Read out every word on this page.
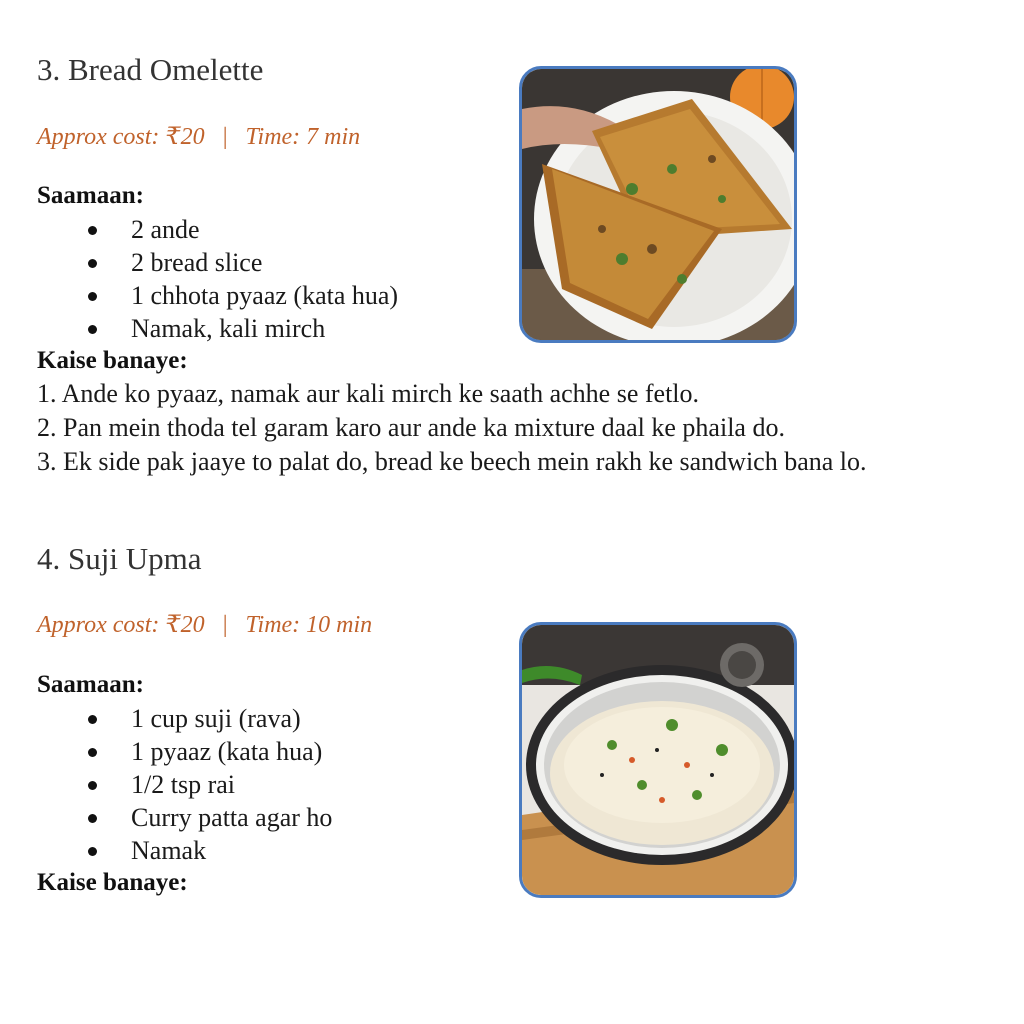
3. Bread Omelette
Approx cost: ₹20 | Time: 7 min
Saamaan:
2 ande
2 bread slice
1 chhota pyaaz (kata hua)
Namak, kali mirch
Kaise banaye:
1. Ande ko pyaaz, namak aur kali mirch ke saath achhe se fetlo.
2. Pan mein thoda tel garam karo aur ande ka mixture daal ke phaila do.
3. Ek side pak jaaye to palat do, bread ke beech mein rakh ke sandwich bana lo.
4. Suji Upma
Approx cost: ₹20 | Time: 10 min
Saamaan:
1 cup suji (rava)
1 pyaaz (kata hua)
1/2 tsp rai
Curry patta agar ho
Namak
Kaise banaye:
